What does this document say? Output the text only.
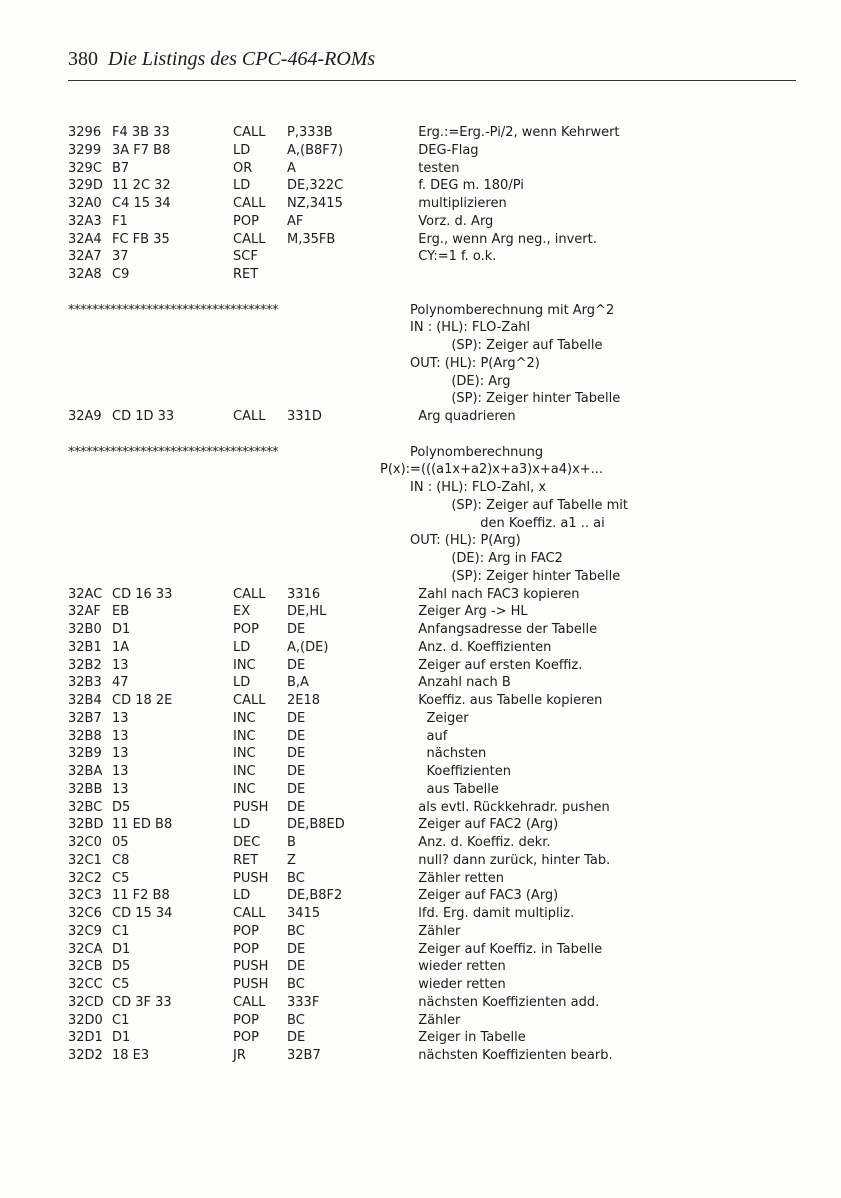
380 Die Listings des CPC-464-ROMs
3296 F4 3B 33	CALL P,333B	Erg.:=Erg.-Pi/2, wenn Kehrwert
3299 3A F7 B8	LD	A,(B8F7)	DEG-Flag
329C B7	OR	A	testen
329D 11 2C 32	LD	DE,322C	f. DEG m. 180/Pi
32A0 C4 15 34	CALL NZ,3415	multiplizieren
32A3 F1	POP AF	Vorz. d. Arg
32A4 FC FB 35	CALL M,35FB	Erg., wenn Arg neg., invert.
32A7 37	SCF	CY:=1 f. o.k.
32A8 C9	RET
***********************************	Polynomberechnung mit Arg^2
IN : (HL): FLO-Zahl
(SP): Zeiger auf Tabelle
OUT: (HL): P(Arg^2)
(DE): Arg
(SP): Zeiger hinter Tabelle
32A9 CD 1D 33	CALL 331D	Arg quadrieren
***********************************	Polynomberechnung
P(x):=(((a1x+a2)x+a3)x+a4)x+...
IN : (HL): FLO-Zahl, x
(SP): Zeiger auf Tabelle mit
den Koeffiz. a1 .. ai
OUT: (HL): P(Arg)
(DE): Arg in FAC2
(SP): Zeiger hinter Tabelle
32AC CD 16 33	CALL 3316	Zahl nach FAC3 kopieren
32AF EB	EX	DE,HL	Zeiger Arg -> HL
32B0 D1	POP DE	Anfangsadresse der Tabelle
32B1 1A	LD	A,(DE)	Anz. d. Koeffizienten
32B2 13	INC DE	Zeiger auf ersten Koeffiz.
32B3 47	LD	B,A	Anzahl nach B
32B4 CD 18 2E	CALL 2E18	Koeffiz. aus Tabelle kopieren
32B7 13	INC DE	Zeiger
32B8 13	INC DE	auf
32B9 13	INC DE	nächsten
32BA 13	INC DE	Koeffizienten
32BB 13	INC DE	aus Tabelle
32BC D5	PUSH DE	als evtl. Rückkehradr. pushen
32BD 11 ED B8	LD	DE,B8ED	Zeiger auf FAC2 (Arg)
32C0 05	DEC B	Anz. d. Koeffiz. dekr.
32C1 C8	RET Z	null? dann zurück, hinter Tab.
32C2 C5	PUSH BC	Zähler retten
32C3 11 F2 B8	LD	DE,B8F2	Zeiger auf FAC3 (Arg)
32C6 CD 15 34	CALL 3415	lfd. Erg. damit multipliz.
32C9 C1	POP BC	Zähler
32CA D1	POP DE	Zeiger auf Koeffiz. in Tabelle
32CB D5	PUSH DE	wieder retten
32CC C5	PUSH BC	wieder retten
32CD CD 3F 33	CALL 333F	nächsten Koeffizienten add.
32D0 C1	POP BC	Zähler
32D1 D1	POP DE	Zeiger in Tabelle
32D2 18 E3	JR	32B7	nächsten Koeffizienten bearb.
